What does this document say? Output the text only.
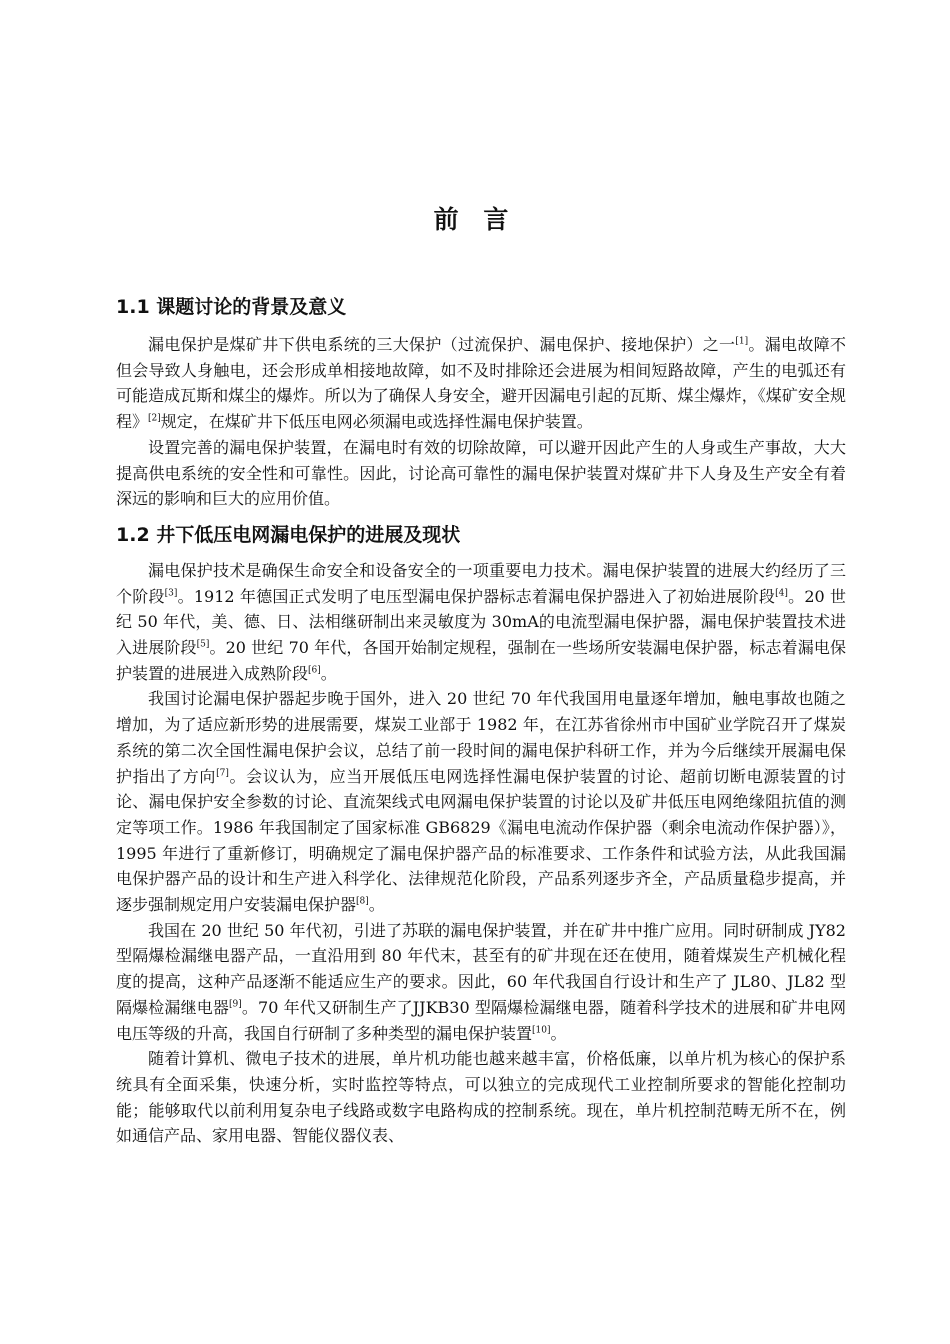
前 言
1.1 课题讨论的背景及意义

漏电保护是煤矿井下供电系统的三大保护（过流保护、漏电保护、接地保护）之一[1]。漏电故障不但会导致人身触电，还会形成单相接地故障，如不及时排除还会进展为相间短路故障，产生的电弧还有可能造成瓦斯和煤尘的爆炸。所以为了确保人身安全，避开因漏电引起的瓦斯、煤尘爆炸，《煤矿安全规程》[2]规定，在煤矿井下低压电网必须漏电或选择性漏电保护装置。

设置完善的漏电保护装置，在漏电时有效的切除故障，可以避开因此产生的人身或生产事故，大大提高供电系统的安全性和可靠性。因此，讨论高可靠性的漏电保护装置对煤矿井下人身及生产安全有着深远的影响和巨大的应用价值。

1.2 井下低压电网漏电保护的进展及现状

漏电保护技术是确保生命安全和设备安全的一项重要电力技术。漏电保护装置的进展大约经历了三个阶段[3]。1912 年德国正式发明了电压型漏电保护器标志着漏电保护器进入了初始进展阶段[4]。20 世纪 50 年代，美、德、日、法相继研制出来灵敏度为 30mA的电流型漏电保护器，漏电保护装置技术进入进展阶段[5]。20 世纪 70 年代，各国开始制定规程，强制在一些场所安装漏电保护器，标志着漏电保护装置的进展进入成熟阶段[6]。

我国讨论漏电保护器起步晚于国外，进入 20 世纪 70 年代我国用电量逐年增加，触电事故也随之增加，为了适应新形势的进展需要，煤炭工业部于 1982 年，在江苏省徐州市中国矿业学院召开了煤炭系统的第二次全国性漏电保护会议，总结了前一段时间的漏电保护科研工作，并为今后继续开展漏电保护指出了方向[7]。会议认为，应当开展低压电网选择性漏电保护装置的讨论、超前切断电源装置的讨论、漏电保护安全参数的讨论、直流架线式电网漏电保护装置的讨论以及矿井低压电网绝缘阻抗值的测定等项工作。1986 年我国制定了国家标准 GB6829《漏电电流动作保护器（剩余电流动作保护器）》，1995 年进行了重新修订，明确规定了漏电保护器产品的标准要求、工作条件和试验方法，从此我国漏电保护器产品的设计和生产进入科学化、法律规范化阶段，产品系列逐步齐全，产品质量稳步提高，并逐步强制规定用户安装漏电保护器[8]。

我国在 20 世纪 50 年代初，引进了苏联的漏电保护装置，并在矿井中推广应用。同时研制成 JY82 型隔爆检漏继电器产品，一直沿用到 80 年代末，甚至有的矿井现在还在使用，随着煤炭生产机械化程度的提高，这种产品逐渐不能适应生产的要求。因此，60 年代我国自行设计和生产了 JL80、JL82 型隔爆检漏继电器[9]。70 年代又研制生产了JJKB30 型隔爆检漏继电器，随着科学技术的进展和矿井电网电压等级的升高，我国自行研制了多种类型的漏电保护装置[10]。

随着计算机、微电子技术的进展，单片机功能也越来越丰富，价格低廉，以单片机为核心的保护系统具有全面采集，快速分析，实时监控等特点，可以独立的完成现代工业控制所要求的智能化控制功能；能够取代以前利用复杂电子线路或数字电路构成的控制系统。现在，单片机控制范畴无所不在，例如通信产品、家用电器、智能仪器仪表、
